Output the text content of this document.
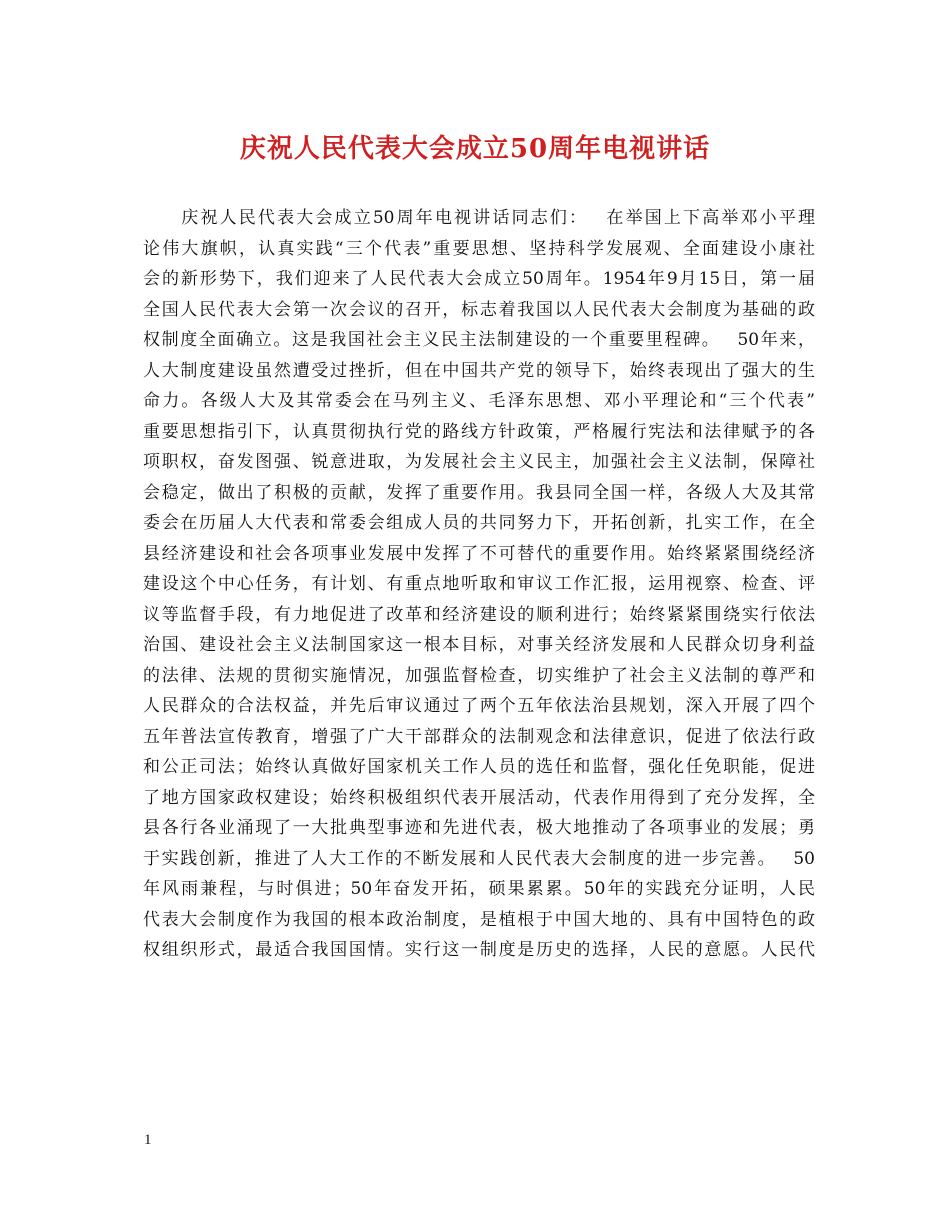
庆祝人民代表大会成立50周年电视讲话
　　庆祝人民代表大会成立50周年电视讲话同志们：　 在举国上下高举邓小平理
论伟大旗帜，认真实践“三个代表”重要思想、坚持科学发展观、全面建设小康社
会的新形势下，我们迎来了人民代表大会成立50周年。1954年9月15日，第一届
全国人民代表大会第一次会议的召开，标志着我国以人民代表大会制度为基础的政
权制度全面确立。这是我国社会主义民主法制建设的一个重要里程碑。　 50年来，
人大制度建设虽然遭受过挫折，但在中国共产党的领导下，始终表现出了强大的生
命力。各级人大及其常委会在马列主义、毛泽东思想、邓小平理论和“三个代表”
重要思想指引下，认真贯彻执行党的路线方针政策，严格履行宪法和法律赋予的各
项职权，奋发图强、锐意进取，为发展社会主义民主，加强社会主义法制，保障社
会稳定，做出了积极的贡献，发挥了重要作用。我县同全国一样，各级人大及其常
委会在历届人大代表和常委会组成人员的共同努力下，开拓创新，扎实工作，在全
县经济建设和社会各项事业发展中发挥了不可替代的重要作用。始终紧紧围绕经济
建设这个中心任务，有计划、有重点地听取和审议工作汇报，运用视察、检查、评
议等监督手段，有力地促进了改革和经济建设的顺利进行；始终紧紧围绕实行依法
治国、建设社会主义法制国家这一根本目标，对事关经济发展和人民群众切身利益
的法律、法规的贯彻实施情况，加强监督检查，切实维护了社会主义法制的尊严和
人民群众的合法权益，并先后审议通过了两个五年依法治县规划，深入开展了四个
五年普法宣传教育，增强了广大干部群众的法制观念和法律意识，促进了依法行政
和公正司法；始终认真做好国家机关工作人员的选任和监督，强化任免职能，促进
了地方国家政权建设；始终积极组织代表开展活动，代表作用得到了充分发挥，全
县各行各业涌现了一大批典型事迹和先进代表，极大地推动了各项事业的发展；勇
于实践创新，推进了人大工作的不断发展和人民代表大会制度的进一步完善。　 50
年风雨兼程，与时俱进；50年奋发开拓，硕果累累。50年的实践充分证明，人民
代表大会制度作为我国的根本政治制度，是植根于中国大地的、具有中国特色的政
权组织形式，最适合我国国情。实行这一制度是历史的选择，人民的意愿。人民代
1
